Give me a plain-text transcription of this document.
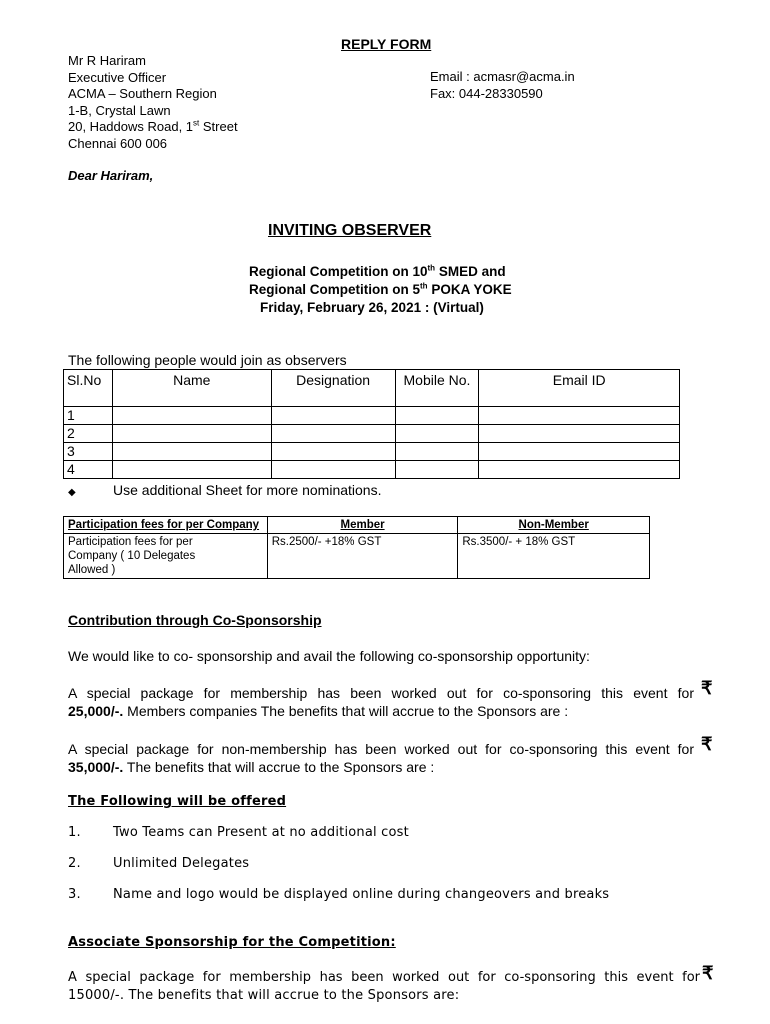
REPLY FORM
Mr R Hariram
Executive Officer
ACMA – Southern Region
1-B, Crystal Lawn
20, Haddows Road, 1st Street
Chennai 600 006
Email : acmasr@acma.in
Fax: 044-28330590
Dear Hariram,
INVITING OBSERVER
Regional Competition on 10th SMED and
Regional Competition on 5th POKA YOKE
Friday, February 26, 2021 : (Virtual)
The following people would join as observers
Sl.No	Name	Designation	Mobile No.	Email ID
1				
2				
3				
4				
◆	Use additional Sheet for more nominations.
Participation fees for per Company	Member	Non-Member
Participation fees for per Company ( 10 Delegates Allowed )	Rs.2500/- +18% GST	Rs.3500/- + 18% GST
Contribution through Co-Sponsorship
We would like to co- sponsorship and avail the following co-sponsorship opportunity:
A special package for membership has been worked out for co-sponsoring this event for ₹
25,000/-. Members companies The benefits that will accrue to the Sponsors are :
A special package for non-membership has been worked out for co-sponsoring this event for ₹
35,000/-. The benefits that will accrue to the Sponsors are :
The Following will be offered
1. Two Teams can Present at no additional cost
2. Unlimited Delegates
3. Name and logo would be displayed online during changeovers and breaks
Associate Sponsorship for the Competition:
A special package for membership has been worked out for co-sponsoring this event for ₹
15000/-. The benefits that will accrue to the Sponsors are:
